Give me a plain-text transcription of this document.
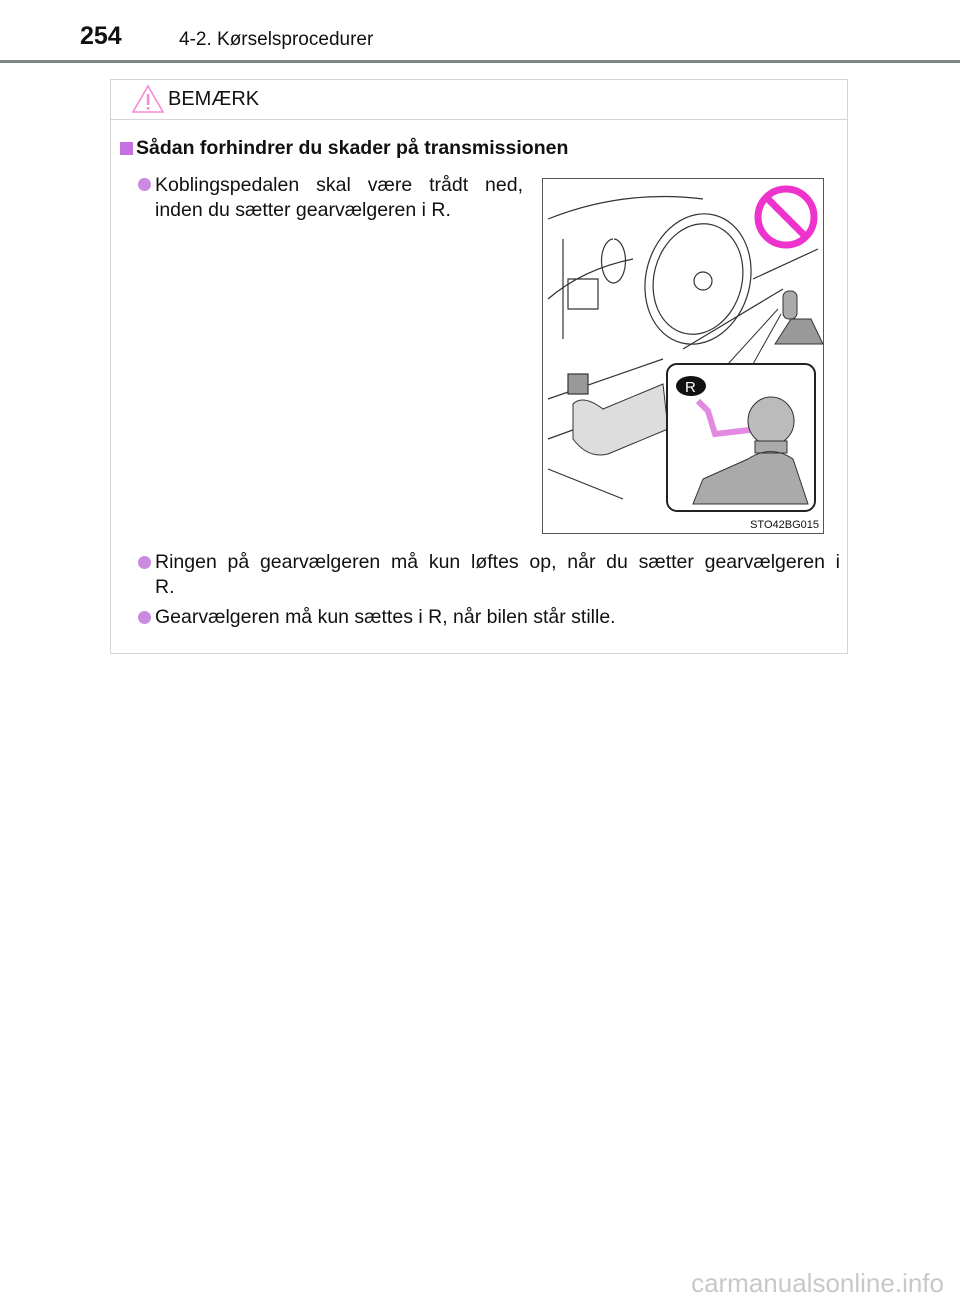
254	4-2. Kørselsprocedurer
BEMÆRK
Sådan forhindrer du skader på transmissionen
Koblingspedalen skal være trådt ned,
inden du sætter gearvælgeren i R.
R
STO42BG015
Ringen på gearvælgeren må kun løftes op, når du sætter gearvælgeren i
R.
Gearvælgeren må kun sættes i R, når bilen står stille.
carmanualsonline.info
